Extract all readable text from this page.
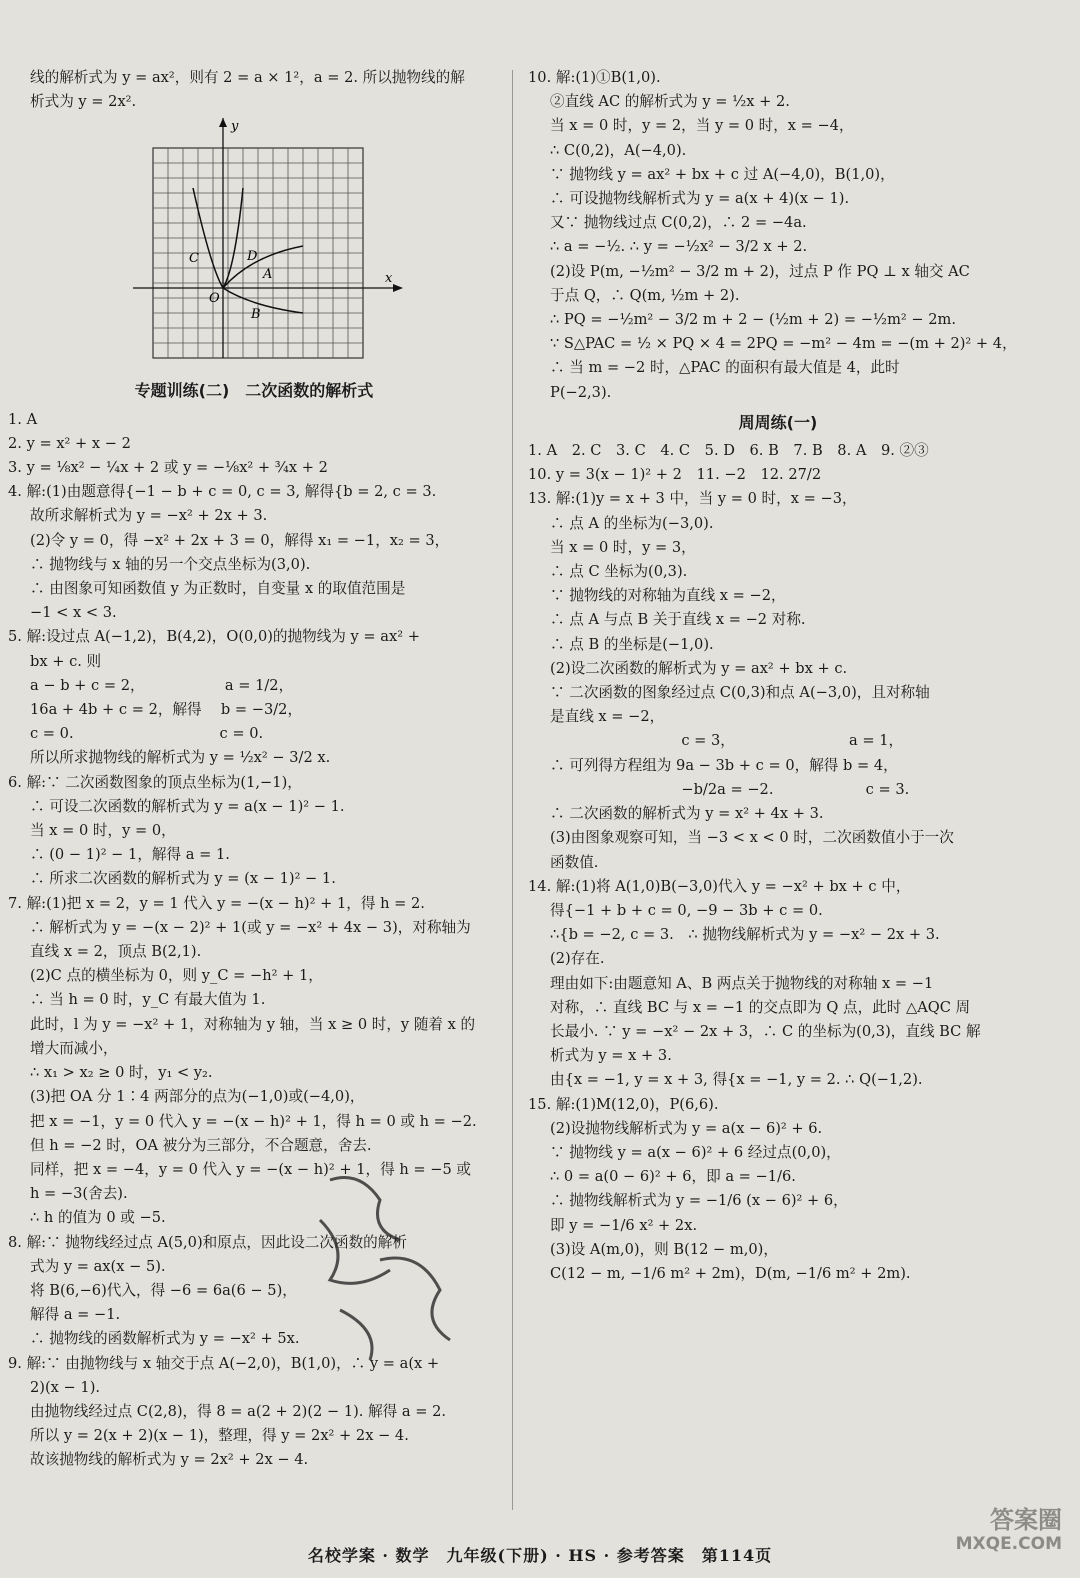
线的解析式为 y = ax²，则有 2 = a × 1²，a = 2. 所以抛物线的解
析式为 y = 2x².
y
x
O
C	D
A
B
专题训练(二)　二次函数的解析式
1. A
2. y = x² + x − 2
3. y = ⅛x² − ¼x + 2 或 y = −⅛x² + ¾x + 2
4. 解:(1)由题意得{−1 − b + c = 0, c = 3, 解得{b = 2, c = 3.
故所求解析式为 y = −x² + 2x + 3.
(2)令 y = 0，得 −x² + 2x + 3 = 0，解得 x₁ = −1，x₂ = 3，
∴ 抛物线与 x 轴的另一个交点坐标为(3,0).
∴ 由图象可知函数值 y 为正数时，自变量 x 的取值范围是
−1 < x < 3.
5. 解:设过点 A(−1,2)，B(4,2)，O(0,0)的抛物线为 y = ax² +
bx + c. 则
a − b + c = 2，　　　　　　a = 1/2，
16a + 4b + c = 2，解得　 b = −3/2，
c = 0.　　　　　　　　　　c = 0.
所以所求抛物线的解析式为 y = ½x² − 3/2 x.
6. 解:∵ 二次函数图象的顶点坐标为(1,−1)，
∴ 可设二次函数的解析式为 y = a(x − 1)² − 1.
当 x = 0 时，y = 0，
∴ (0 − 1)² − 1，解得 a = 1.
∴ 所求二次函数的解析式为 y = (x − 1)² − 1.
7. 解:(1)把 x = 2，y = 1 代入 y = −(x − h)² + 1，得 h = 2.
∴ 解析式为 y = −(x − 2)² + 1(或 y = −x² + 4x − 3)，对称轴为
直线 x = 2，顶点 B(2,1).
(2)C 点的横坐标为 0，则 y_C = −h² + 1，
∴ 当 h = 0 时，y_C 有最大值为 1.
此时，l 为 y = −x² + 1，对称轴为 y 轴，当 x ≥ 0 时，y 随着 x 的
增大而减小，
∴ x₁ > x₂ ≥ 0 时，y₁ < y₂.
(3)把 OA 分 1∶4 两部分的点为(−1,0)或(−4,0)，
把 x = −1，y = 0 代入 y = −(x − h)² + 1，得 h = 0 或 h = −2.
但 h = −2 时，OA 被分为三部分，不合题意，舍去.
同样，把 x = −4，y = 0 代入 y = −(x − h)² + 1，得 h = −5 或
h = −3(舍去).
∴ h 的值为 0 或 −5.
8. 解:∵ 抛物线经过点 A(5,0)和原点，因此设二次函数的解析
式为 y = ax(x − 5).
将 B(6,−6)代入，得 −6 = 6a(6 − 5)，
解得 a = −1.
∴ 抛物线的函数解析式为 y = −x² + 5x.
9. 解:∵ 由抛物线与 x 轴交于点 A(−2,0)，B(1,0)，∴ y = a(x +
2)(x − 1).
由抛物线经过点 C(2,8)，得 8 = a(2 + 2)(2 − 1). 解得 a = 2.
所以 y = 2(x + 2)(x − 1)，整理，得 y = 2x² + 2x − 4.
故该抛物线的解析式为 y = 2x² + 2x − 4.
10. 解:(1)①B(1,0).
②直线 AC 的解析式为 y = ½x + 2.
当 x = 0 时，y = 2，当 y = 0 时，x = −4，
∴ C(0,2)，A(−4,0).
∵ 抛物线 y = ax² + bx + c 过 A(−4,0)，B(1,0)，
∴ 可设抛物线解析式为 y = a(x + 4)(x − 1).
又∵ 抛物线过点 C(0,2)，∴ 2 = −4a.
∴ a = −½. ∴ y = −½x² − 3/2 x + 2.
(2)设 P(m, −½m² − 3/2 m + 2)，过点 P 作 PQ ⊥ x 轴交 AC
于点 Q，∴ Q(m, ½m + 2).
∴ PQ = −½m² − 3/2 m + 2 − (½m + 2) = −½m² − 2m.
∵ S△PAC = ½ × PQ × 4 = 2PQ = −m² − 4m = −(m + 2)² + 4，
∴ 当 m = −2 时，△PAC 的面积有最大值是 4，此时
P(−2,3).
周周练(一)
1. A　2. C　3. C　4. C　5. D　6. B　7. B　8. A　9. ②③
10. y = 3(x − 1)² + 2　11. −2　12. 27/2
13. 解:(1)y = x + 3 中，当 y = 0 时，x = −3，
∴ 点 A 的坐标为(−3,0).
当 x = 0 时，y = 3，
∴ 点 C 坐标为(0,3).
∵ 抛物线的对称轴为直线 x = −2，
∴ 点 A 与点 B 关于直线 x = −2 对称.
∴ 点 B 的坐标是(−1,0).
(2)设二次函数的解析式为 y = ax² + bx + c.
∵ 二次函数的图象经过点 C(0,3)和点 A(−3,0)，且对称轴
是直线 x = −2，
　　　　　　　　　c = 3，　　　　　　　　 a = 1，
∴ 可列得方程组为 9a − 3b + c = 0，解得 b = 4，
　　　　　　　　　−b/2a = −2.　　　　　　 c = 3.
∴ 二次函数的解析式为 y = x² + 4x + 3.
(3)由图象观察可知，当 −3 < x < 0 时，二次函数值小于一次
函数值.
14. 解:(1)将 A(1,0)B(−3,0)代入 y = −x² + bx + c 中，
得{−1 + b + c = 0, −9 − 3b + c = 0.
∴{b = −2, c = 3.　∴ 抛物线解析式为 y = −x² − 2x + 3.
(2)存在.
理由如下:由题意知 A、B 两点关于抛物线的对称轴 x = −1
对称，∴ 直线 BC 与 x = −1 的交点即为 Q 点，此时 △AQC 周
长最小. ∵ y = −x² − 2x + 3，∴ C 的坐标为(0,3)，直线 BC 解
析式为 y = x + 3.
由{x = −1, y = x + 3, 得{x = −1, y = 2. ∴ Q(−1,2).
15. 解:(1)M(12,0)，P(6,6).
(2)设抛物线解析式为 y = a(x − 6)² + 6.
∵ 抛物线 y = a(x − 6)² + 6 经过点(0,0)，
∴ 0 = a(0 − 6)² + 6，即 a = −1/6.
∴ 抛物线解析式为 y = −1/6 (x − 6)² + 6，
即 y = −1/6 x² + 2x.
(3)设 A(m,0)，则 B(12 − m,0)，
C(12 − m, −1/6 m² + 2m)，D(m, −1/6 m² + 2m).
答案圈
MXQE.COM
名校学案 · 数学　九年级(下册) · HS · 参考答案　第114页
